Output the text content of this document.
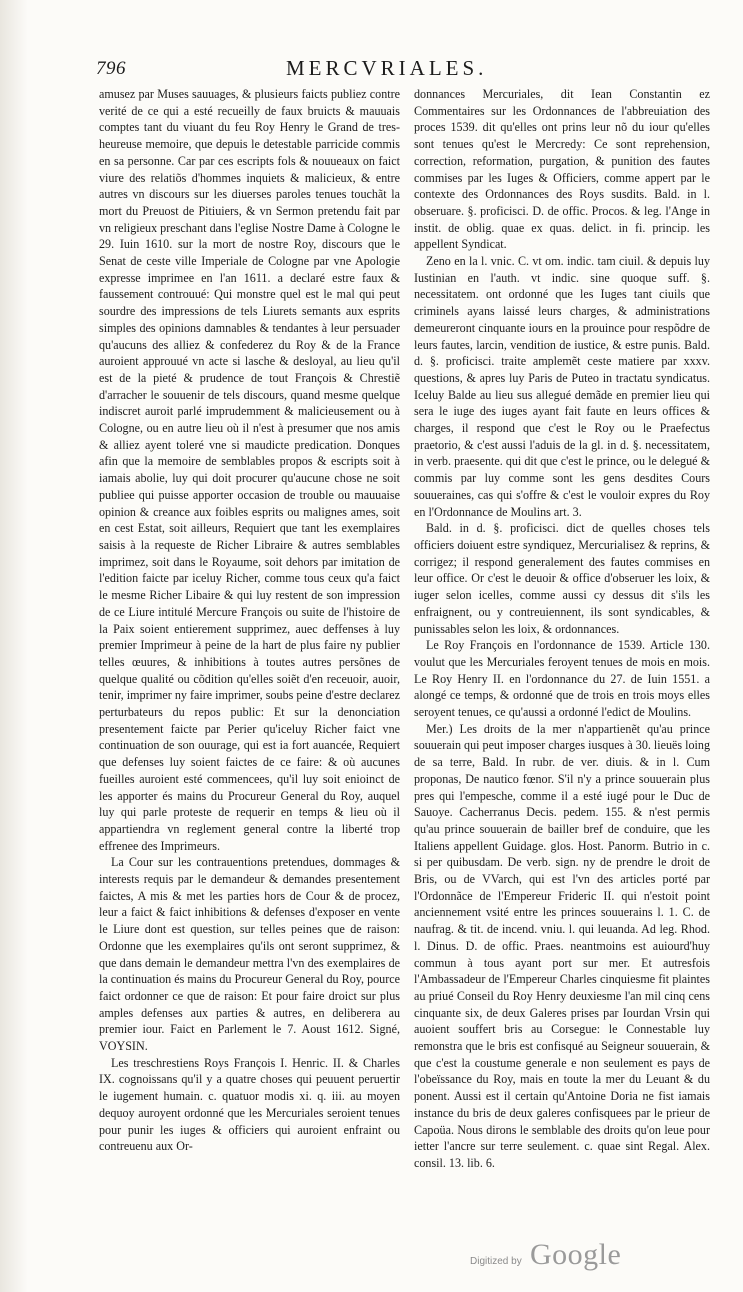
796	MERCVRIALES.

amusez par Muses sauuages, & plusieurs faicts publiez contre verité de ce qui a esté recueilly de faux bruicts & mauuais comptes tant du viuant du feu Roy Henry le Grand de tres-heureuse memoire, que depuis le detestable parricide commis en sa personne. Car par ces escripts fols & nouueaux on faict viure des relatiõs d'hommes inquiets & malicieux, & entre autres vn discours sur les diuerses paroles tenues touchãt la mort du Preuost de Pitiuiers, & vn Sermon pretendu fait par vn religieux preschant dans l'eglise Nostre Dame à Cologne le 29. Iuin 1610. sur la mort de nostre Roy, discours que le Senat de ceste ville Imperiale de Cologne par vne Apologie expresse imprimee en l'an 1611. a declaré estre faux & faussement controuué: Qui monstre quel est le mal qui peut sourdre des impressions de tels Liurets semants aux esprits simples des opinions damnables & tendantes à leur persuader qu'aucuns des alliez & confederez du Roy & de la France auroient approuué vn acte si lasche & desloyal, au lieu qu'il est de la pieté & prudence de tout François & Chrestiẽ d'arracher le souuenir de tels discours, quand mesme quelque indiscret auroit parlé imprudemment & malicieusement ou à Cologne, ou en autre lieu où il n'est à presumer que nos amis & alliez ayent toleré vne si maudicte predication. Donques afin que la memoire de semblables propos & escripts soit à iamais abolie, luy qui doit procurer qu'aucune chose ne soit publiee qui puisse apporter occasion de trouble ou mauuaise opinion & creance aux foibles esprits ou malignes ames, soit en cest Estat, soit ailleurs, Requiert que tant les exemplaires saisis à la requeste de Richer Libraire & autres semblables imprimez, soit dans le Royaume, soit dehors par imitation de l'edition faicte par iceluy Richer, comme tous ceux qu'a faict le mesme Richer Libaire & qui luy restent de son impression de ce Liure intitulé Mercure François ou suite de l'histoire de la Paix soient entierement supprimez, auec deffenses à luy premier Imprimeur à peine de la hart de plus faire ny publier telles œuures, & inhibitions à toutes autres persõnes de quelque qualité ou cõdition qu'elles soiẽt d'en receuoir, auoir, tenir, imprimer ny faire imprimer, soubs peine d'estre declarez perturbateurs du repos public: Et sur la denonciation presentement faicte par Perier qu'iceluy Richer faict vne continuation de son ouurage, qui est ia fort auancée, Requiert que defenses luy soient faictes de ce faire: & où aucunes fueilles auroient esté commencees, qu'il luy soit enioinct de les apporter és mains du Procureur General du Roy, auquel luy qui parle proteste de requerir en temps & lieu où il appartiendra vn reglement general contre la liberté trop effrenee des Imprimeurs.

La Cour sur les contrauentions pretendues, dommages & interests requis par le demandeur & demandes presentement faictes, A mis & met les parties hors de Cour & de procez, leur a faict & faict inhibitions & defenses d'exposer en vente le Liure dont est question, sur telles peines que de raison: Ordonne que les exemplaires qu'ils ont seront supprimez, & que dans demain le demandeur mettra l'vn des exemplaires de la continuation és mains du Procureur General du Roy, pource faict ordonner ce que de raison: Et pour faire droict sur plus amples defenses aux parties & autres, en deliberera au premier iour. Faict en Parlement le 7. Aoust 1612. Signé, VOYSIN.

Les treschrestiens Roys François I. Henric. II. & Charles IX. cognoissans qu'il y a quatre choses qui peuuent peruertir le iugement humain. c. quatuor modis xi. q. iii. au moyen dequoy auroyent ordonné que les Mercuriales seroient tenues pour punir les iuges & officiers qui auroient enfraint ou contreuenu aux Or-

donnances Mercuriales, dit Iean Constantin ez Commentaires sur les Ordonnances de l'abbreuiation des proces 1539. dit qu'elles ont prins leur nõ du iour qu'elles sont tenues qu'est le Mercredy: Ce sont reprehension, correction, reformation, purgation, & punition des fautes commises par les Iuges & Officiers, comme appert par le contexte des Ordonnances des Roys susdits. Bald. in l. obseruare. §. proficisci. D. de offic. Procos. & leg. l'Ange in instit. de oblig. quae ex quas. delict. in fi. princip. les appellent Syndicat.

Zeno en la l. vnic. C. vt om. indic. tam ciuil. & depuis luy Iustinian en l'auth. vt indic. sine quoque suff. §. necessitatem. ont ordonné que les Iuges tant ciuils que criminels ayans laissé leurs charges, & administrations demeureront cinquante iours en la prouince pour respõdre de leurs fautes, larcin, vendition de iustice, & estre punis. Bald. d. §. proficisci. traite amplemẽt ceste matiere par xxxv. questions, & apres luy Paris de Puteo in tractatu syndicatus. Iceluy Balde au lieu sus allegué demãde en premier lieu qui sera le iuge des iuges ayant fait faute en leurs offices & charges, il respond que c'est le Roy ou le Praefectus praetorio, & c'est aussi l'aduis de la gl. in d. §. necessitatem, in verb. praesente. qui dit que c'est le prince, ou le delegué & commis par luy comme sont les gens desdites Cours souueraines, cas qui s'offre & c'est le vouloir expres du Roy en l'Ordonnance de Moulins art. 3.

Bald. in d. §. proficisci. dict de quelles choses tels officiers doiuent estre syndiquez, Mercurialisez & reprins, & corrigez; il respond generalement des fautes commises en leur office. Or c'est le deuoir & office d'obseruer les loix, & iuger selon icelles, comme aussi cy dessus dit s'ils les enfraignent, ou y contreuiennent, ils sont syndicables, & punissables selon les loix, & ordonnances.

Le Roy François en l'ordonnance de 1539. Article 130. voulut que les Mercuriales feroyent tenues de mois en mois. Le Roy Henry II. en l'ordonnance du 27. de Iuin 1551. a alongé ce temps, & ordonné que de trois en trois moys elles seroyent tenues, ce qu'aussi a ordonné l'edict de Moulins.

Mer.) Les droits de la mer n'appartienẽt qu'au prince souuerain qui peut imposer charges iusques à 30. lieuës loing de sa terre, Bald. In rubr. de ver. diuis. & in l. Cum proponas, De nautico fœnor. S'il n'y a prince souuerain plus pres qui l'empesche, comme il a esté iugé pour le Duc de Sauoye. Cacherranus Decis. pedem. 155. & n'est permis qu'au prince souuerain de bailler bref de conduire, que les Italiens appellent Guidage. glos. Host. Panorm. Butrio in c. si per quibusdam. De verb. sign. ny de prendre le droit de Bris, ou de VVarch, qui est l'vn des articles porté par l'Ordonnãce de l'Empereur Frideric II. qui n'estoit point anciennement vsité entre les princes souuerains l. 1. C. de naufrag. & tit. de incend. vniu. l. qui leuanda. Ad leg. Rhod. l. Dinus. D. de offic. Praes. neantmoins est auiourd'huy commun à tous ayant port sur mer. Et autresfois l'Ambassadeur de l'Empereur Charles cinquiesme fit plaintes au priué Conseil du Roy Henry deuxiesme l'an mil cinq cens cinquante six, de deux Galeres prises par Iourdan Vrsin qui auoient souffert bris au Corsegue: le Connestable luy remonstra que le bris est confisqué au Seigneur souuerain, & que c'est la coustume generale e non seulement es pays de l'obeïssance du Roy, mais en toute la mer du Leuant & du ponent. Aussi est il certain qu'Antoine Doria ne fist iamais instance du bris de deux galeres confisquees par le prieur de Capoüa. Nous dirons le semblable des droits qu'on leue pour ietter l'ancre sur terre seulement. c. quae sint Regal. Alex. consil. 13. lib. 6.

Digitized by Google
